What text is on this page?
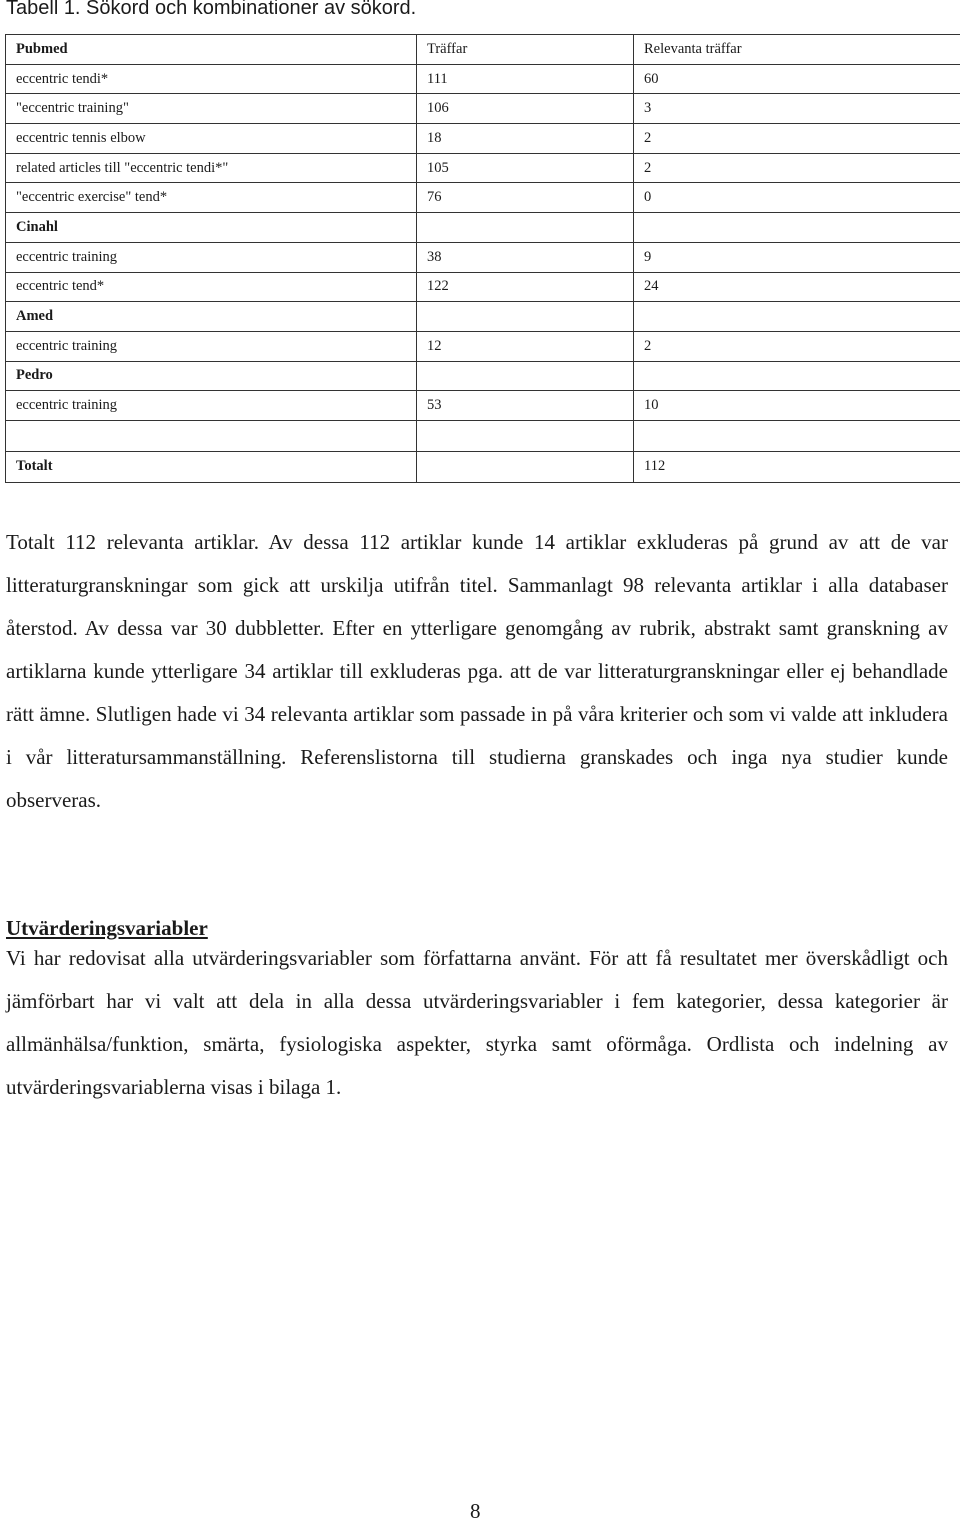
Tabell 1. Sökord och kombinationer av sökord.
Pubmed	Träffar	Relevanta träffar
eccentric tendi*	111	60
"eccentric training"	106	3
eccentric tennis elbow	18	2
related articles till "eccentric tendi*"	105	2
"eccentric exercise" tend*	76	0
Cinahl		
eccentric training	38	9
eccentric tend*	122	24
Amed		
eccentric training	12	2
Pedro		
eccentric training	53	10

Totalt		112

Totalt 112 relevanta artiklar. Av dessa 112 artiklar kunde 14 artiklar exkluderas på grund av att de var litteraturgranskningar som gick att urskilja utifrån titel. Sammanlagt 98 relevanta artiklar i alla databaser återstod. Av dessa var 30 dubbletter. Efter en ytterligare genomgång av rubrik, abstrakt samt granskning av artiklarna kunde ytterligare 34 artiklar till exkluderas pga. att de var litteraturgranskningar eller ej behandlade rätt ämne. Slutligen hade vi 34 relevanta artiklar som passade in på våra kriterier och som vi valde att inkludera i vår litteratursammanställning. Referenslistorna till studierna granskades och inga nya studier kunde observeras.

Utvärderingsvariabler

Vi har redovisat alla utvärderingsvariabler som författarna använt. För att få resultatet mer överskådligt och jämförbart har vi valt att dela in alla dessa utvärderingsvariabler i fem kategorier, dessa kategorier är allmänhälsa/funktion, smärta, fysiologiska aspekter, styrka samt oförmåga. Ordlista och indelning av utvärderingsvariablerna visas i bilaga 1.

8
